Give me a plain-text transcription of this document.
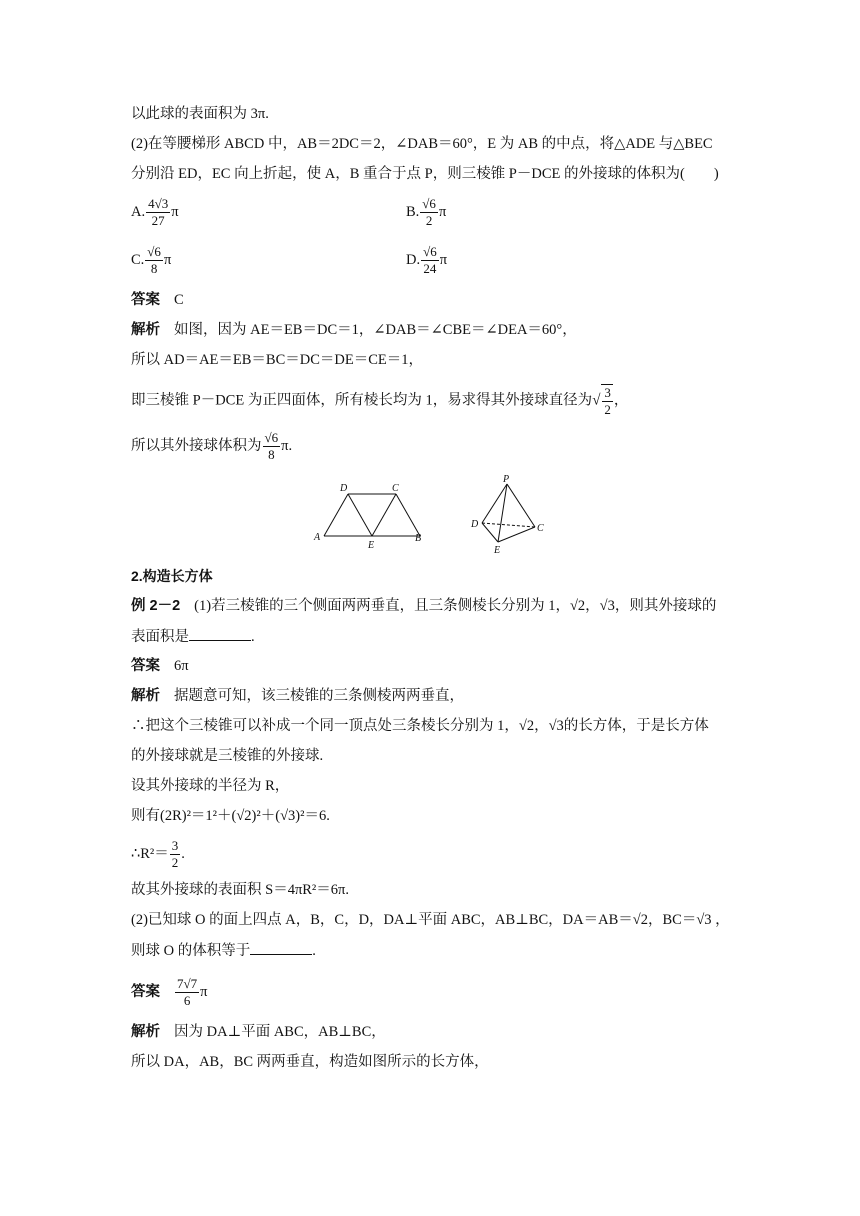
以此球的表面积为 3π.
(2)在等腰梯形 ABCD 中，AB＝2DC＝2，∠DAB＝60°，E 为 AB 的中点，将△ADE 与△BEC
分别沿 ED，EC 向上折起，使 A，B 重合于点 P，则三棱锥 P－DCE 的外接球的体积为(　　)
A. $\frac{4√3}{27}$ π	B. $\frac{√6}{2}$ π
C. $\frac{√6}{8}$ π	D. $\frac{√6}{24}$ π
答案 C
解析 如图，因为 AE＝EB＝DC＝1，∠DAB＝∠CBE＝∠DEA＝60°，
所以 AD＝AE＝EB＝BC＝DC＝DE＝CE＝1，
即三棱锥 P－DCE 为正四面体，所有棱长均为 1，易求得其外接球直径为√ $\frac{3}{2}$ ，
所以其外接球体积为 $\frac{√6}{8} \pi$.
D	C
A
E
B
P
D	C
E
2.构造长方体
例 2－2 (1)若三棱锥的三个侧面两两垂直，且三条侧棱长分别为 1，√2，√3，则其外接球的
表面积是	.
答案 6π
解析 据题意可知，该三棱锥的三条侧棱两两垂直，
∴把这个三棱锥可以补成一个同一顶点处三条棱长分别为 1，√2，√3的长方体，于是长方体
的外接球就是三棱锥的外接球.
设其外接球的半径为 R，
则有(2R)²＝1²＋(√2)²＋(√3)²＝6.
∴R²＝ $\frac{3}{2}$ .
故其外接球的表面积 S＝4πR²＝6π.
(2)已知球 O 的面上四点 A，B，C，D，DA⊥平面 ABC，AB⊥BC，DA＝AB＝√2，BC＝√3 ，
则球 O 的体积等于	.
答案 $\frac{7√7}{6}$ π
解析 因为 DA⊥平面 ABC，AB⊥BC，
所以 DA，AB，BC 两两垂直，构造如图所示的长方体，
